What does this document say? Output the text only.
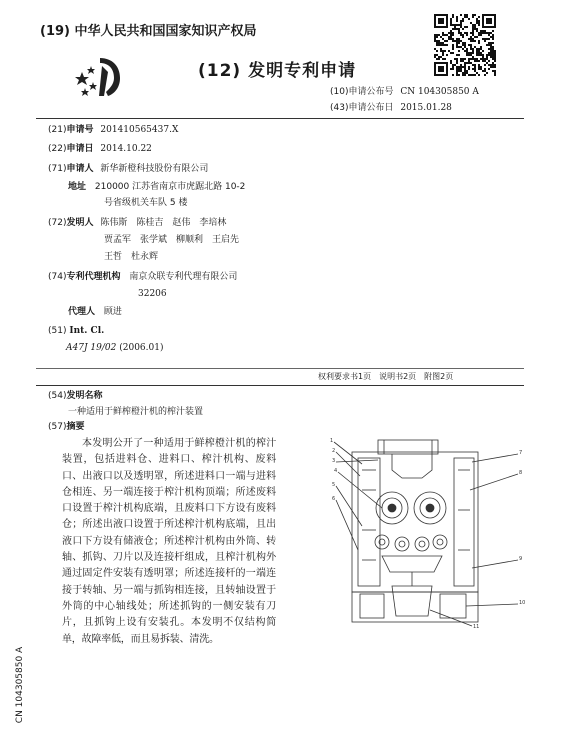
(19) 中华人民共和国国家知识产权局
(12) 发明专利申请
(10)申请公布号 CN 104305850 A
(43)申请公布日 2015.01.28
(21)申请号 201410565437.X
(22)申请日 2014.10.22
(71)申请人 新华新橙科技股份有限公司
地址 210000 江苏省南京市虎踞北路 10-2
号省级机关车队 5 楼
(72)发明人 陈伟斯　陈桂吉　赵伟　李培林
贾孟军　张学斌　柳顺利　王启先
王哲　杜永辉
(74)专利代理机构 南京众联专利代理有限公司
32206
代理人 顾进
(51) Int. Cl.
A47J 19/02 (2006.01)
权利要求书1页　说明书2页　附图2页
(54)发明名称
一种适用于鲜榨橙汁机的榨汁装置
(57)摘要
本发明公开了一种适用于鲜榨橙汁机的榨汁装置，包括进料仓、进料口、榨汁机构、废料口、出液口以及透明罩，所述进料口一端与进料仓相连、另一端连接于榨汁机构顶端；所述废料口设置于榨汁机构底端，且废料口下方设有废料仓；所述出液口设置于所述榨汁机构底端，且出液口下方设有储液仓；所述榨汁机构由外筒、转轴、抓钩、刀片以及连接杆组成，且榨汁机构外通过固定件安装有透明罩；所述连接杆的一端连接于转轴、另一端与抓钩相连接，且转轴设置于外筒的中心轴线处；所述抓钩的一侧安装有刀片，且抓钩上设有安装孔。本发明不仅结构简单，故障率低，而且易拆装、清洗。
1
2
3
4
5
6
7
8
9
10
11
CN 104305850 A
